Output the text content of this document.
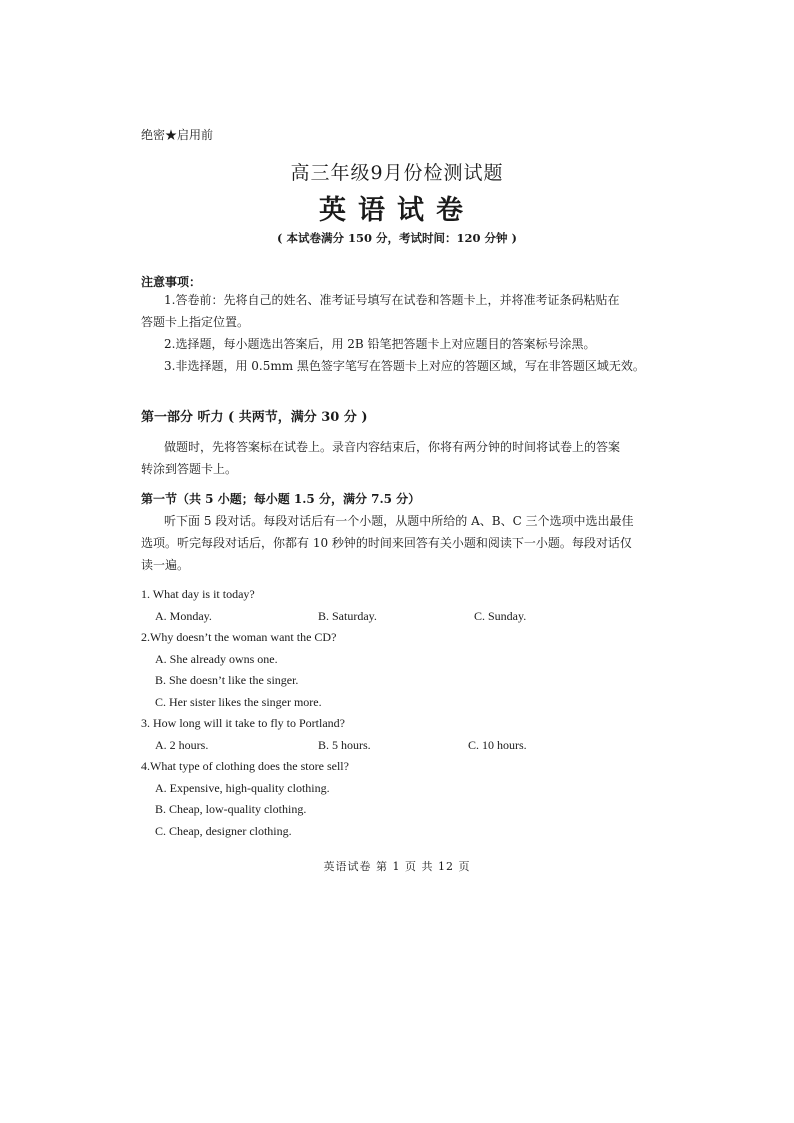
绝密★启用前
高三年级9月份检测试题
英语试卷
( 本试卷满分 150 分，考试时间：120 分钟 )
注意事项：
1.答卷前：先将自己的姓名、准考证号填写在试卷和答题卡上，并将准考证条码粘贴在
答题卡上指定位置。
2.选择题，每小题选出答案后，用 2B 铅笔把答题卡上对应题目的答案标号涂黑。
3.非选择题，用 0.5mm 黑色签字笔写在答题卡上对应的答题区域，写在非答题区域无效。
第一部分 听力 ( 共两节，满分 30 分 )
做题时，先将答案标在试卷上。录音内容结束后，你将有两分钟的时间将试卷上的答案
转涂到答题卡上。
第一节（共 5 小题；每小题 1.5 分，满分 7.5 分）
听下面 5 段对话。每段对话后有一个小题，从题中所给的 A、B、C 三个选项中选出最佳
选项。听完每段对话后，你都有 10 秒钟的时间来回答有关小题和阅读下一小题。每段对话仅
读一遍。
1. What day is it today?
A. Monday.	B. Saturday.	C. Sunday.
2.Why doesn’t the woman want the CD?
A. She already owns one.
B. She doesn’t like the singer.
C. Her sister likes the singer more.
3. How long will it take to fly to Portland?
A. 2 hours.	B. 5 hours.	C. 10 hours.
4.What type of clothing does the store sell?
A. Expensive, high-quality clothing.
B. Cheap, low-quality clothing.
C. Cheap, designer clothing.
英语试卷 第 1 页 共 12 页
